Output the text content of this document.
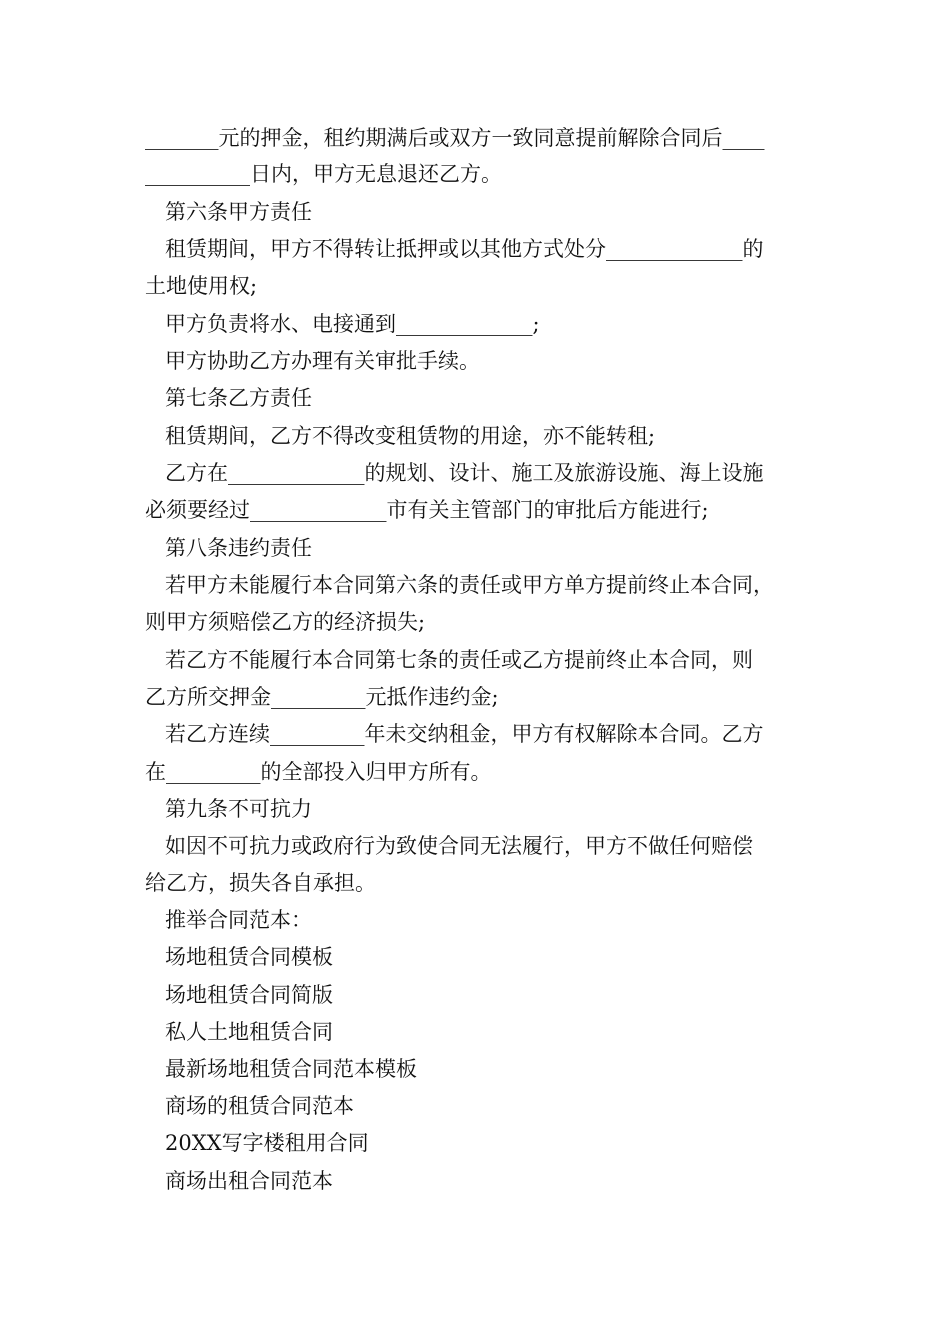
_______元的押金，租约期满后或双方一致同意提前解除合同后____
__________日内，甲方无息退还乙方。
第六条甲方责任
租赁期间，甲方不得转让抵押或以其他方式处分_____________的
土地使用权;
甲方负责将水、电接通到_____________;
甲方协助乙方办理有关审批手续。
第七条乙方责任
租赁期间，乙方不得改变租赁物的用途，亦不能转租;
乙方在_____________的规划、设计、施工及旅游设施、海上设施
必须要经过_____________市有关主管部门的审批后方能进行;
第八条违约责任
若甲方未能履行本合同第六条的责任或甲方单方提前终止本合同，
则甲方须赔偿乙方的经济损失;
若乙方不能履行本合同第七条的责任或乙方提前终止本合同，则
乙方所交押金_________元抵作违约金;
若乙方连续_________年未交纳租金，甲方有权解除本合同。乙方
在_________的全部投入归甲方所有。
第九条不可抗力
如因不可抗力或政府行为致使合同无法履行，甲方不做任何赔偿
给乙方，损失各自承担。
推举合同范本：
场地租赁合同模板
场地租赁合同简版
私人土地租赁合同
最新场地租赁合同范本模板
商场的租赁合同范本
20XX写字楼租用合同
商场出租合同范本
